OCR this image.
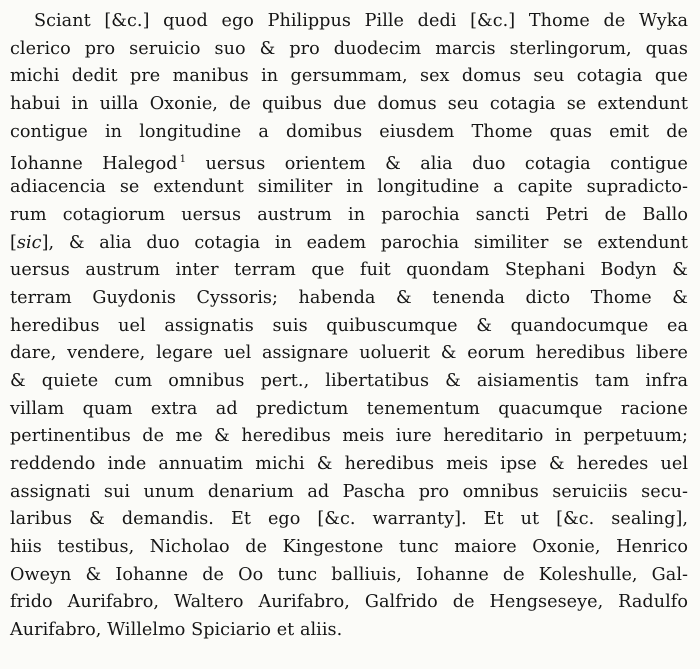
Sciant [&c.] quod ego Philippus Pille dedi [&c.] Thome de Wyka
clerico pro seruicio suo & pro duodecim marcis sterlingorum, quas
michi dedit pre manibus in gersummam, sex domus seu cotagia que
habui in uilla Oxonie, de quibus due domus seu cotagia se extendunt
contigue in longitudine a domibus eiusdem Thome quas emit de
Iohanne Halegod $^1$ uersus orientem & alia duo cotagia contigue
adiacencia se extendunt similiter in longitudine a capite supradicto-
rum cotagiorum uersus austrum in parochia sancti Petri de Ballo
[sic], & alia duo cotagia in eadem parochia similiter se extendunt
uersus austrum inter terram que fuit quondam Stephani Bodyn &
terram Guydonis Cyssoris; habenda & tenenda dicto Thome &
heredibus uel assignatis suis quibuscumque & quandocumque ea
dare, vendere, legare uel assignare uoluerit & eorum heredibus libere
& quiete cum omnibus pert., libertatibus & aisiamentis tam infra
villam quam extra ad predictum tenementum quacumque racione
pertinentibus de me & heredibus meis iure hereditario in perpetuum;
reddendo inde annuatim michi & heredibus meis ipse & heredes uel
assignati sui unum denarium ad Pascha pro omnibus seruiciis secu-
laribus & demandis. Et ego [&c. warranty]. Et ut [&c. sealing],
hiis testibus, Nicholao de Kingestone tunc maiore Oxonie, Henrico
Oweyn & Iohanne de Oo tunc balliuis, Iohanne de Koleshulle, Gal-
frido Aurifabro, Waltero Aurifabro, Galfrido de Hengseseye, Radulfo
Aurifabro, Willelmo Spiciario et aliis.
